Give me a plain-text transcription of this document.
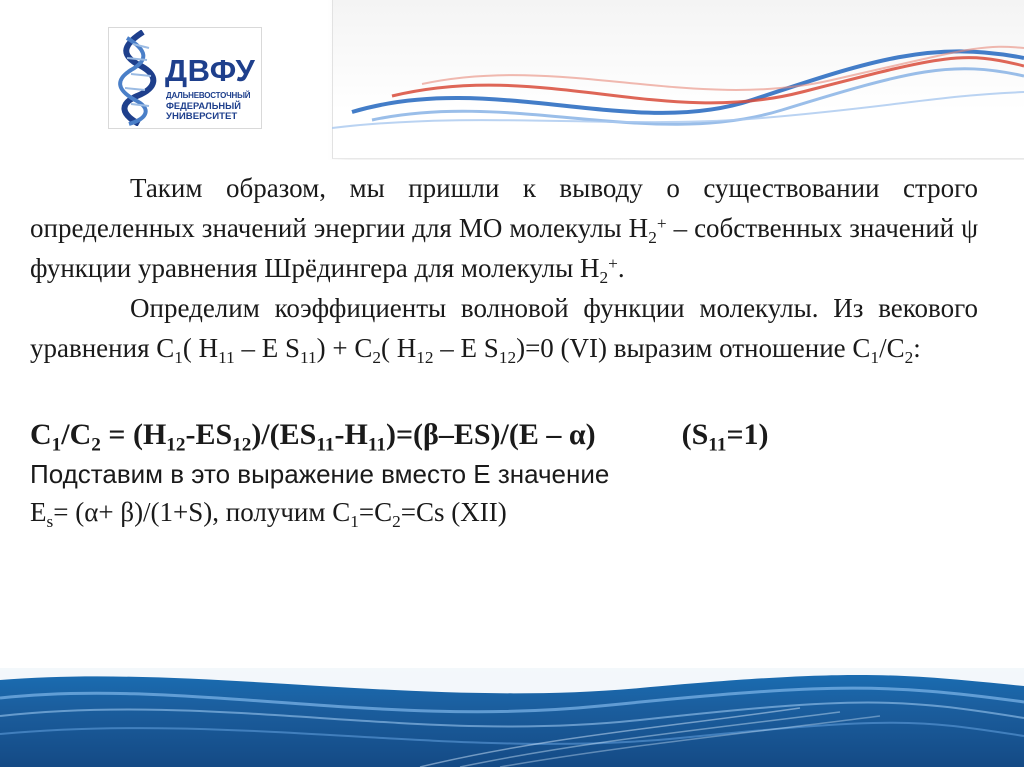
ДВФУ
ДАЛЬНЕВОСТОЧНЫЙ
ФЕДЕРАЛЬНЫЙ
УНИВЕРСИТЕТ

Таким образом, мы пришли к выводу о существовании строго определенных значений энергии для МО молекулы $Н_2^+$ – собственных значений ψ функции уравнения Шрёдингера для молекулы $Н_2^+$.

Определим коэффициенты волновой функции молекулы. Из векового уравнения $С_1$( $Н_{11}$ – Е $S_{11}) + С_2$( $Н_{12}$ – Е $S_{12})=0$ (VI) выразим отношение $С_1/С_2$:

$C_1/C_2 = (H_{12}-ES_{12})/(ES_{11}-H_{11})=(\beta-ES)/(E - \alpha)$	$(S_{11}=1)$
Подставим в это выражение вместо Е значение
$E_s= (\alpha+ \beta)/(1+S)$, получим $С_1=С_2=Cs$ (XII)
